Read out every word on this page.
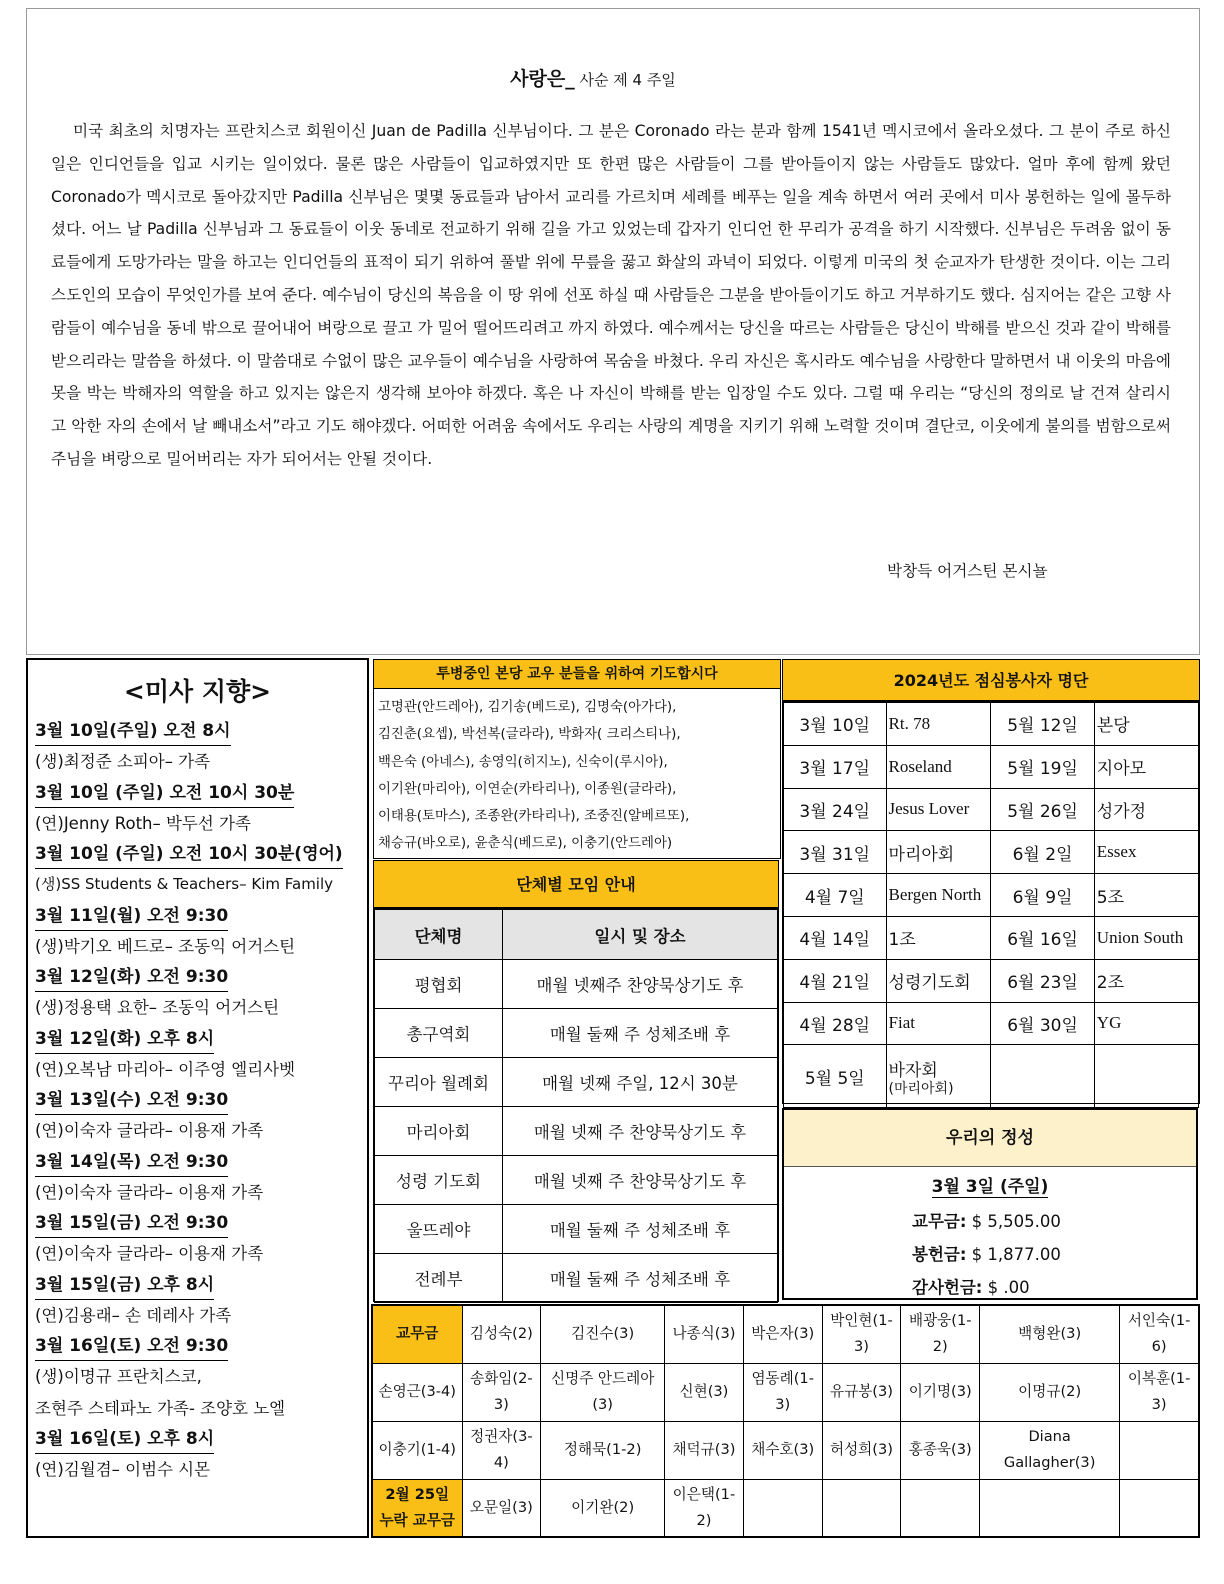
사랑은_ 사순 제 4 주일
미국 최초의 치명자는 프란치스코 회원이신 Juan de Padilla 신부님이다. 그 분은 Coronado 라는 분과 함께 1541년 멕시코에서 올라오셨다. 그 분이 주로 하신 일은 인디언들을 입교 시키는 일이었다. 물론 많은 사람들이 입교하였지만 또 한편 많은 사람들이 그를 받아들이지 않는 사람들도 많았다. 얼마 후에 함께 왔던 Coronado가 멕시코로 돌아갔지만 Padilla 신부님은 몇몇 동료들과 남아서 교리를 가르치며 세례를 베푸는 일을 계속 하면서 여러 곳에서 미사 봉헌하는 일에 몰두하셨다. 어느 날 Padilla 신부님과 그 동료들이 이웃 동네로 전교하기 위해 길을 가고 있었는데 갑자기 인디언 한 무리가 공격을 하기 시작했다. 신부님은 두려움 없이 동료들에게 도망가라는 말을 하고는 인디언들의 표적이 되기 위하여 풀밭 위에 무릎을 꿇고 화살의 과녁이 되었다. 이렇게 미국의 첫 순교자가 탄생한 것이다. 이는 그리스도인의 모습이 무엇인가를 보여 준다. 예수님이 당신의 복음을 이 땅 위에 선포 하실 때 사람들은 그분을 받아들이기도 하고 거부하기도 했다. 심지어는 같은 고향 사람들이 예수님을 동네 밖으로 끌어내어 벼랑으로 끌고 가 밀어 떨어뜨리려고 까지 하였다. 예수께서는 당신을 따르는 사람들은 당신이 박해를 받으신 것과 같이 박해를 받으리라는 말씀을 하셨다. 이 말씀대로 수없이 많은 교우들이 예수님을 사랑하여 목숨을 바쳤다. 우리 자신은 혹시라도 예수님을 사랑한다 말하면서 내 이웃의 마음에 못을 박는 박해자의 역할을 하고 있지는 않은지 생각해 보아야 하겠다. 혹은 나 자신이 박해를 받는 입장일 수도 있다. 그럴 때 우리는 “당신의 정의로 날 건져 살리시고 악한 자의 손에서 날 빼내소서”라고 기도 해야겠다. 어떠한 어려움 속에서도 우리는 사랑의 계명을 지키기 위해 노력할 것이며 결단코, 이웃에게 불의를 범함으로써 주님을 벼랑으로 밀어버리는 자가 되어서는 안될 것이다.
박창득 어거스틴 몬시뇰
<미사 지향>
3월 10일(주일) 오전 8시
(생)최정준 소피아– 가족
3월 10일 (주일) 오전 10시 30분
(연)Jenny Roth– 박두선 가족
3월 10일 (주일) 오전 10시 30분(영어)
(생)SS Students & Teachers– Kim Family
3월 11일(월) 오전 9:30
(생)박기오 베드로– 조동익 어거스틴
3월 12일(화) 오전 9:30
(생)정용택 요한– 조동익 어거스틴
3월 12일(화) 오후 8시
(연)오복남 마리아– 이주영 엘리사벳
3월 13일(수) 오전 9:30
(연)이숙자 글라라– 이용재 가족
3월 14일(목) 오전 9:30
(연)이숙자 글라라– 이용재 가족
3월 15일(금) 오전 9:30
(연)이숙자 글라라– 이용재 가족
3월 15일(금) 오후 8시
(연)김용래– 손 데레사 가족
3월 16일(토) 오전 9:30
(생)이명규 프란치스코,
조현주 스테파노 가족- 조양호 노엘
3월 16일(토) 오후 8시
(연)김월겸– 이범수 시몬
투병중인 본당 교우 분들을 위하여 기도합시다
고명관(안드레아), 김기송(베드로), 김명숙(아가다),
김진춘(요셉), 박선복(글라라), 박화자( 크리스티나),
백은숙 (아네스), 송영익(히지노), 신숙이(루시아),
이기완(마리아), 이연순(카타리나), 이종원(글라라),
이태용(토마스), 조종완(카타리나), 조중진(알베르또),
채승규(바오로), 윤춘식(베드로), 이충기(안드레아)
단체별 모임 안내
단체명	일시 및 장소
평협회	매월 넷째주 찬양묵상기도 후
총구역회	매월 둘째 주 성체조배 후
꾸리아 월례회	매월 넷째 주일, 12시 30분
마리아회	매월 넷째 주 찬양묵상기도 후
성령 기도회	매월 넷째 주 찬양묵상기도 후
울뜨레야	매월 둘째 주 성체조배 후
전례부	매월 둘째 주 성체조배 후
2024년도 점심봉사자 명단
3월 10일	Rt. 78	5월 12일	본당
3월 17일	Roseland	5월 19일	지아모
3월 24일	Jesus Lover	5월 26일	성가정
3월 31일	마리아회	6월 2일	Essex
4월 7일	Bergen North	6월 9일	5조
4월 14일	1조	6월 16일	Union South
4월 21일	성령기도회	6월 23일	2조
4월 28일	Fiat	6월 30일	YG
5월 5일	바자회
(마리아회)		

우리의 정성
3월 3일 (주일)
교무금: $ 5,505.00
봉헌금: $ 1,877.00
감사헌금: $ .00
교무금	김성숙(2)	김진수(3)	나종식(3)	박은자(3)	박인현(1-3)	배광웅(1-2)	백형완(3)	서인숙(1-6)
손영근(3-4)	송화임(2-3)	신명주 안드레아(3)	신현(3)	염동례(1-3)	유규봉(3)	이기명(3)	이명규(2)	이복훈(1-3)
이충기(1-4)	정권자(3-4)	정해묵(1-2)	채덕규(3)	채수호(3)	허성희(3)	홍종욱(3)	Diana Gallagher(3)	
2월 25일
누락 교무금	오문일(3)	이기완(2)	이은택(1-2)					
